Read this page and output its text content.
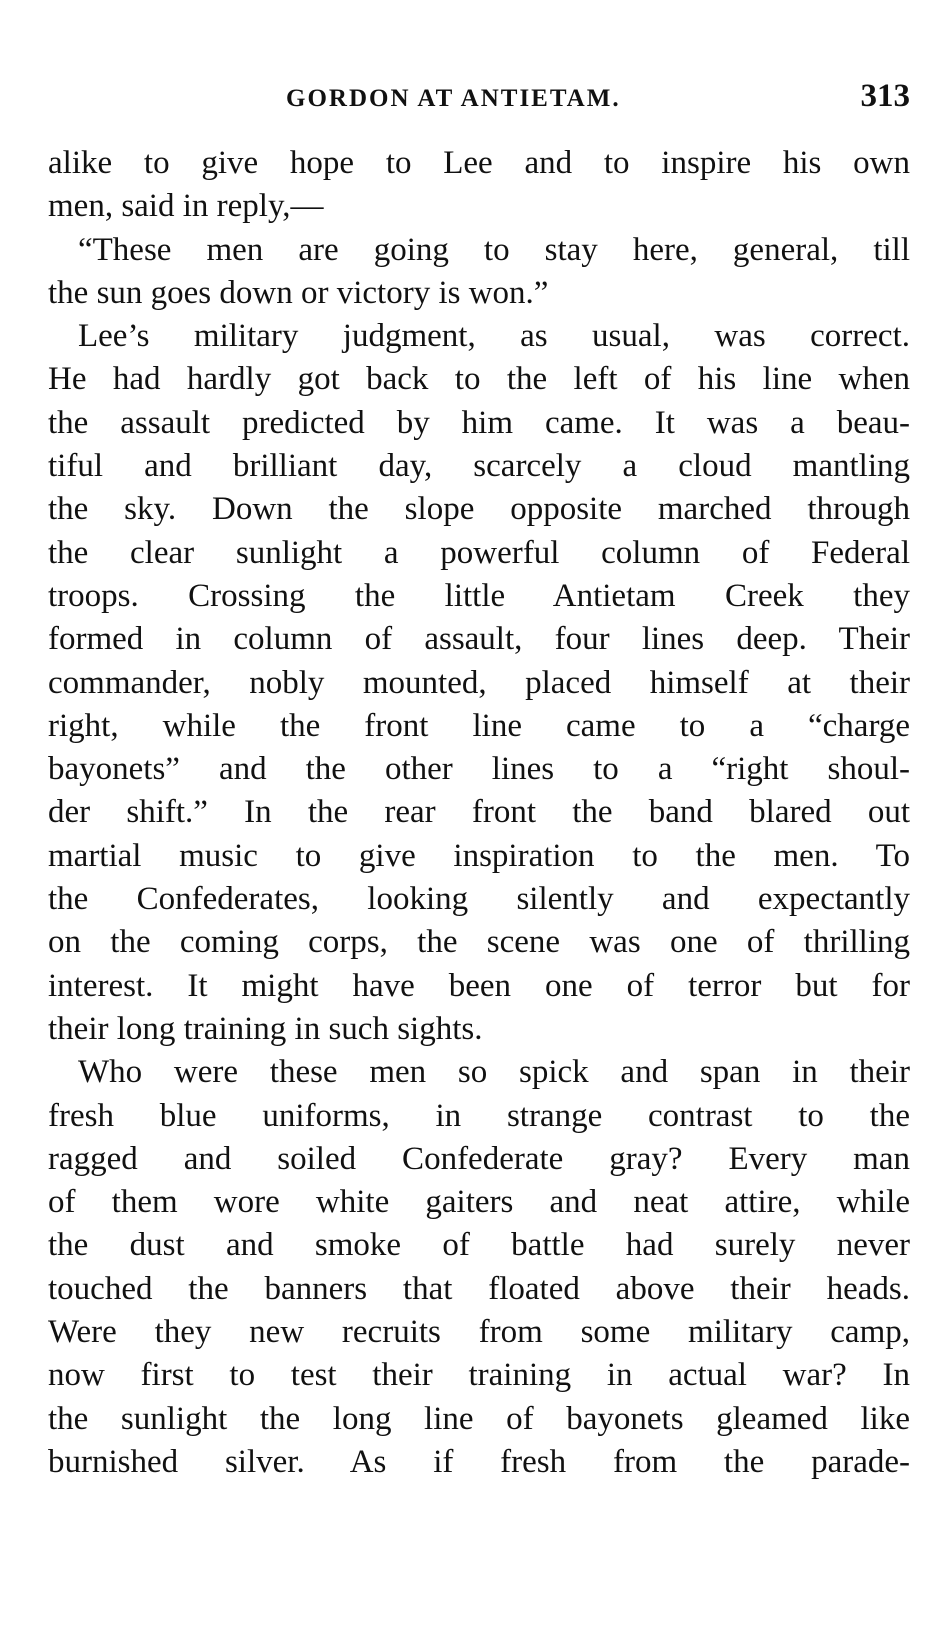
GORDON AT ANTIETAM.	313
alike to give hope to Lee and to inspire his own
men, said in reply,—
“These men are going to stay here, general, till
the sun goes down or victory is won.”
Lee’s military judgment, as usual, was correct.
He had hardly got back to the left of his line when
the assault predicted by him came. It was a beau-
tiful and brilliant day, scarcely a cloud mantling
the sky. Down the slope opposite marched through
the clear sunlight a powerful column of Federal
troops. Crossing the little Antietam Creek they
formed in column of assault, four lines deep. Their
commander, nobly mounted, placed himself at their
right, while the front line came to a “charge
bayonets” and the other lines to a “right shoul-
der shift.” In the rear front the band blared out
martial music to give inspiration to the men. To
the Confederates, looking silently and expectantly
on the coming corps, the scene was one of thrilling
interest. It might have been one of terror but for
their long training in such sights.
Who were these men so spick and span in their
fresh blue uniforms, in strange contrast to the
ragged and soiled Confederate gray? Every man
of them wore white gaiters and neat attire, while
the dust and smoke of battle had surely never
touched the banners that floated above their heads.
Were they new recruits from some military camp,
now first to test their training in actual war? In
the sunlight the long line of bayonets gleamed like
burnished silver. As if fresh from the parade-
